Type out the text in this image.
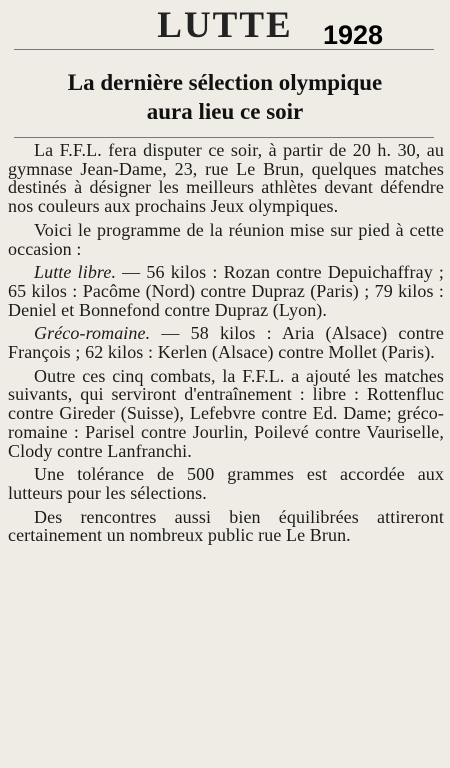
LUTTE	1928
La dernière sélection olympique
aura lieu ce soir

La F.F.L. fera disputer ce soir, à partir de 20 h. 30, au gymnase Jean-Dame, 23, rue Le Brun, quelques matches destinés à désigner les meilleurs athlètes devant défendre nos couleurs aux prochains Jeux olympiques.

Voici le programme de la réunion mise sur pied à cette occasion :

Lutte libre. — 56 kilos : Rozan contre Depuichaffray ; 65 kilos : Pacôme (Nord) contre Dupraz (Paris) ; 79 kilos : Deniel et Bonnefond contre Dupraz (Lyon).

Gréco-romaine. — 58 kilos : Aria (Alsace) contre François ; 62 kilos : Kerlen (Alsace) contre Mollet (Paris).

Outre ces cinq combats, la F.F.L. a ajouté les matches suivants, qui serviront d'entraînement : libre : Rottenfluc contre Gireder (Suisse), Lefebvre contre Ed. Dame; gréco-romaine : Parisel contre Jourlin, Poilevé contre Vauriselle, Clody contre Lanfranchi.

Une tolérance de 500 grammes est accordée aux lutteurs pour les sélections.

Des rencontres aussi bien équilibrées attireront certainement un nombreux public rue Le Brun.
